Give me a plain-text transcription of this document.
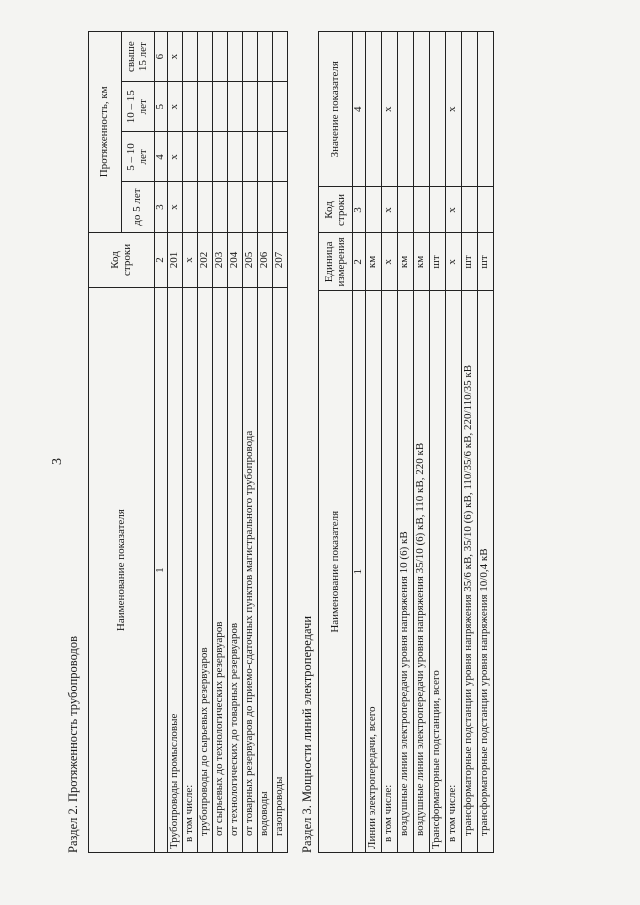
3
Раздел 2. Протяженность трубопроводов
Наименование показателя	Код строки	Протяженность, км			
		до 5 лет	5 – 10 лет	10 – 15 лет	свыше 15 лет
1	2	3	4	5	6
Трубопроводы промысловые	201	х	х	х	х
в том числе:	х				
трубопроводы до сырьевых резервуаров	202				
от сырьевых до технологических резервуаров	203				
от технологических до товарных резервуаров	204				
от товарных резервуаров до приемо-сдаточных пунктов магистрального трубопровода	205				
водоводы	206				
газопроводы	207				
Раздел 3. Мощности линий электропередачи
Наименование показателя	Единица измерения	Код строки	Значение показателя
1	2	3	4
Линии электропередачи, всего	км		
в том числе:	х	х	х
воздушные линии электропередачи уровня напряжения 10 (6) кВ	км		
воздушные линии электропередачи уровня напряжения 35/10 (6) кВ, 110 кВ, 220 кВ	км		
Трансформаторные подстанции, всего	шт		
в том числе:	х	х	х
трансформаторные подстанции уровня напряжения 35/6 кВ, 35/10 (6) кВ, 110/35/6 кВ, 220/110/35 кВ	шт		
трансформаторные подстанции уровня напряжения 10/0,4 кВ	шт		
